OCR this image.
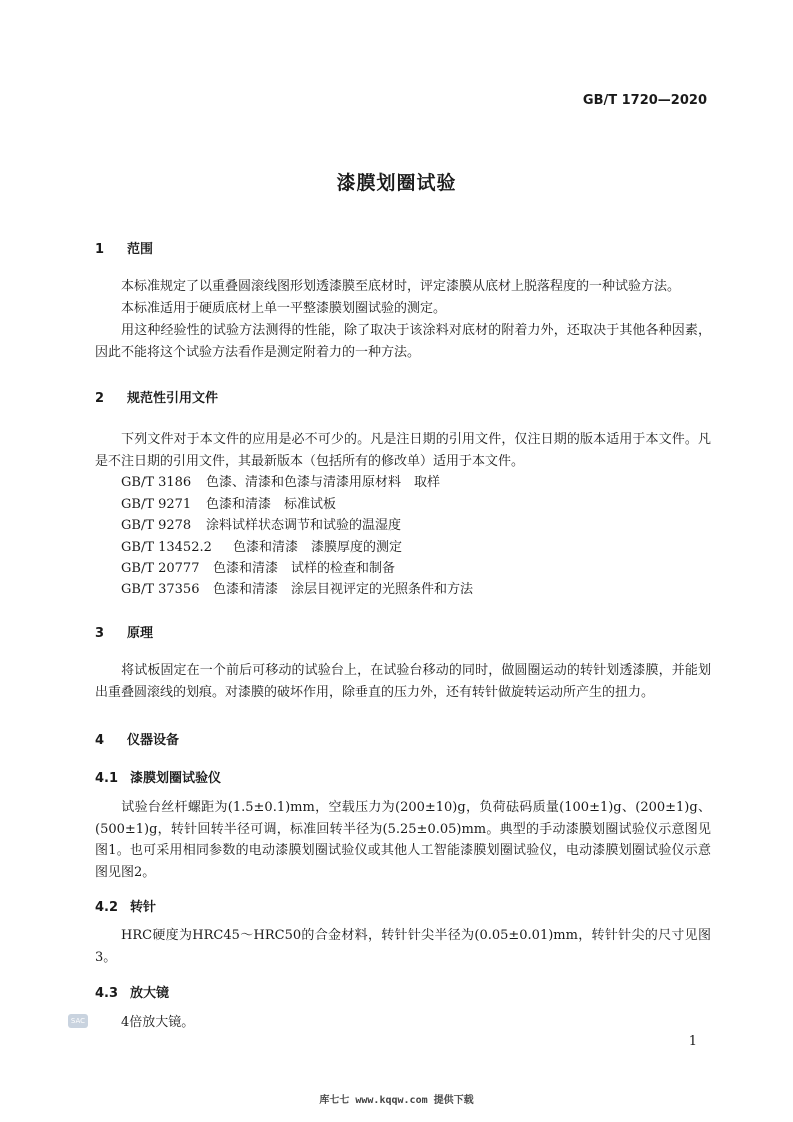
GB/T 1720—2020
漆膜划圈试验
1　 范围
本标准规定了以重叠圆滚线图形划透漆膜至底材时，评定漆膜从底材上脱落程度的一种试验方法。
本标准适用于硬质底材上单一平整漆膜划圈试验的测定。
用这种经验性的试验方法测得的性能，除了取决于该涂料对底材的附着力外，还取决于其他各种因素，因此不能将这个试验方法看作是测定附着力的一种方法。
2　 规范性引用文件
下列文件对于本文件的应用是必不可少的。凡是注日期的引用文件，仅注日期的版本适用于本文件。凡是不注日期的引用文件，其最新版本（包括所有的修改单）适用于本文件。
GB/T 3186 色漆、清漆和色漆与清漆用原材料　取样
GB/T 9271 色漆和清漆　标准试板
GB/T 9278 涂料试样状态调节和试验的温湿度
GB/T 13452.2 色漆和清漆　漆膜厚度的测定
GB/T 20777 色漆和清漆　试样的检查和制备
GB/T 37356 色漆和清漆　涂层目视评定的光照条件和方法
3　 原理
将试板固定在一个前后可移动的试验台上，在试验台移动的同时，做圆圈运动的转针划透漆膜，并能划出重叠圆滚线的划痕。对漆膜的破坏作用，除垂直的压力外，还有转针做旋转运动所产生的扭力。
4　 仪器设备
4.1 漆膜划圈试验仪
试验台丝杆螺距为(1.5±0.1)mm，空载压力为(200±10)g，负荷砝码质量(100±1)g、(200±1)g、(500±1)g，转针回转半径可调，标准回转半径为(5.25±0.05)mm。典型的手动漆膜划圈试验仪示意图见图1。也可采用相同参数的电动漆膜划圈试验仪或其他人工智能漆膜划圈试验仪，电动漆膜划圈试验仪示意图见图2。
4.2 转针
HRC硬度为HRC45～HRC50的合金材料，转针针尖半径为(0.05±0.01)mm，转针针尖的尺寸见图3。
4.3 放大镜
4倍放大镜。
SAC
1
库七七 www.kqqw.com 提供下载
